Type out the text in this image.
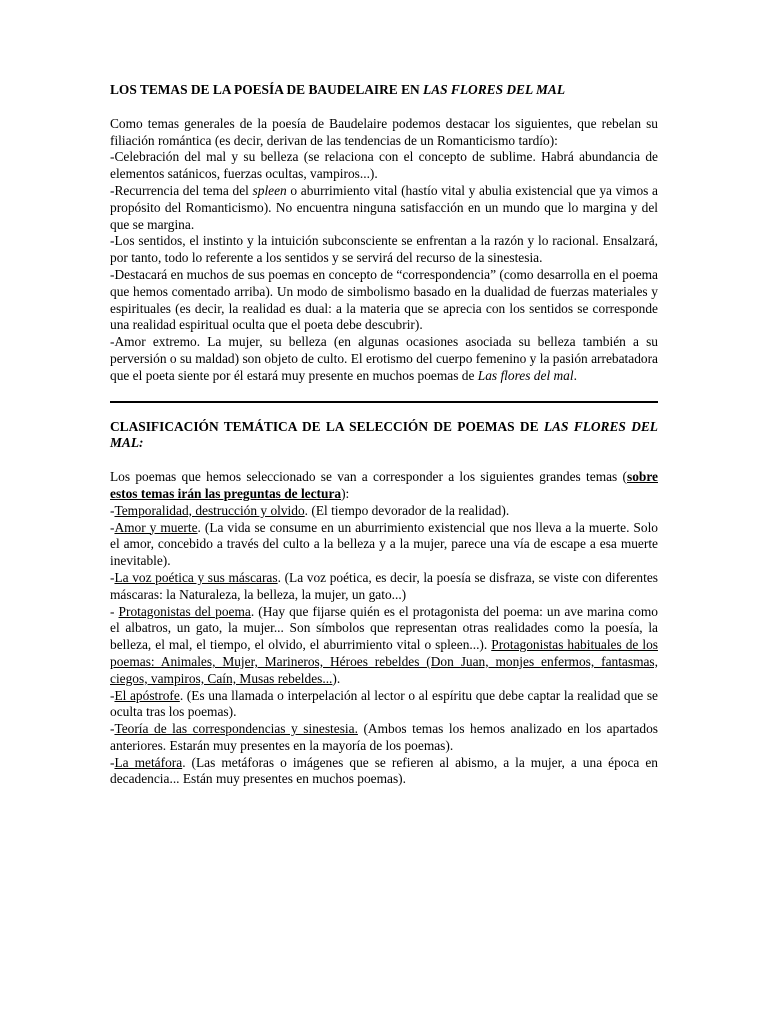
LOS TEMAS DE LA POESÍA DE BAUDELAIRE EN LAS FLORES DEL MAL

Como temas generales de la poesía de Baudelaire podemos destacar los siguientes, que rebelan su filiación romántica (es decir, derivan de las tendencias de un Romanticismo tardío):

-Celebración del mal y su belleza (se relaciona con el concepto de sublime. Habrá abundancia de elementos satánicos, fuerzas ocultas, vampiros...).

-Recurrencia del tema del spleen o aburrimiento vital (hastío vital y abulia existencial que ya vimos a propósito del Romanticismo). No encuentra ninguna satisfacción en un mundo que lo margina y del que se margina.

-Los sentidos, el instinto y la intuición subconsciente se enfrentan a la razón y lo racional. Ensalzará, por tanto, todo lo referente a los sentidos y se servirá del recurso de la sinestesia.

-Destacará en muchos de sus poemas en concepto de “correspondencia” (como desarrolla en el poema que hemos comentado arriba). Un modo de simbolismo basado en la dualidad de fuerzas materiales y espirituales (es decir, la realidad es dual: a la materia que se aprecia con los sentidos se corresponde una realidad espiritual oculta que el poeta debe descubrir).

-Amor extremo. La mujer, su belleza (en algunas ocasiones asociada su belleza también a su perversión o su maldad) son objeto de culto. El erotismo del cuerpo femenino y la pasión arrebatadora que el poeta siente por él estará muy presente en muchos poemas de Las flores del mal.

CLASIFICACIÓN TEMÁTICA DE LA SELECCIÓN DE POEMAS DE LAS FLORES DEL MAL:

Los poemas que hemos seleccionado se van a corresponder a los siguientes grandes temas (sobre estos temas irán las preguntas de lectura):

-Temporalidad, destrucción y olvido. (El tiempo devorador de la realidad).

-Amor y muerte. (La vida se consume en un aburrimiento existencial que nos lleva a la muerte. Solo el amor, concebido a través del culto a la belleza y a la mujer, parece una vía de escape a esa muerte inevitable).

-La voz poética y sus máscaras. (La voz poética, es decir, la poesía se disfraza, se viste con diferentes máscaras: la Naturaleza, la belleza, la mujer, un gato...)

- Protagonistas del poema. (Hay que fijarse quién es el protagonista del poema: un ave marina como el albatros, un gato, la mujer... Son símbolos que representan otras realidades como la poesía, la belleza, el mal, el tiempo, el olvido, el aburrimiento vital o spleen...). Protagonistas habituales de los poemas: Animales, Mujer, Marineros, Héroes rebeldes (Don Juan, monjes enfermos, fantasmas, ciegos, vampiros, Caín, Musas rebeldes...).

-El apóstrofe. (Es una llamada o interpelación al lector o al espíritu que debe captar la realidad que se oculta tras los poemas).

-Teoría de las correspondencias y sinestesia. (Ambos temas los hemos analizado en los apartados anteriores. Estarán muy presentes en la mayoría de los poemas).

-La metáfora. (Las metáforas o imágenes que se refieren al abismo, a la mujer, a una época en decadencia... Están muy presentes en muchos poemas).
